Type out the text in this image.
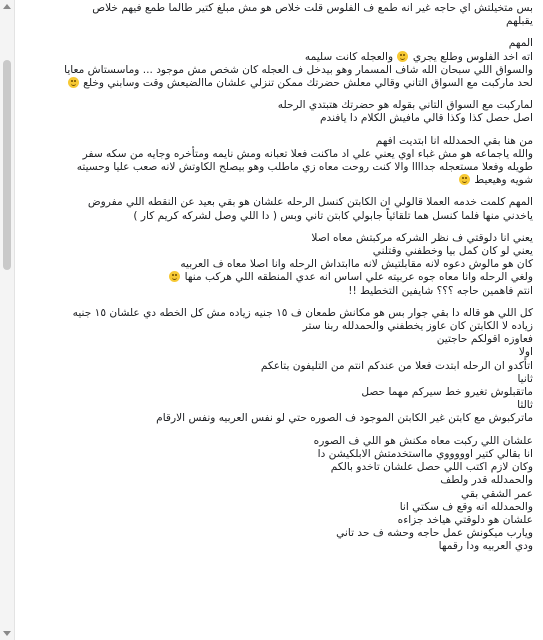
بس متخيلتش اي حاجه غير انه طمع ف الفلوس قلت خلاص هو مش مبلغ كتير طالما طمع فيهم خلاص
يقبلهم
المهم
اته اخد الفلوس وطلع يجري
والعجله كانت سليمه
والسواق اللي سبحان الله شاف المسمار وهو بيدخل ف العجله كان شخص مش موجود ... وماسستاش معايا
لحد ماركبت مع السواق التاني وقالي معلش حضرتك ممكن تنزلي علشان ماالضيعش وقت وسابني وخلع
لماركبت مع السواق التاني بقوله هو حضرتك هتبتدي الرحله
اصل حصل كذا وكذا قالي مافيش الكلام دا يافندم
من هنا بقي الحمدلله انا ابتديت افهم
والله ياجماعه هو مش غباء اوي يعني علي اد ماكنت فعلا تعبانه ومش نايمه ومتأخره وجايه من سكه سفر
طويله وفعلا مستعجله جداااا والا كنت روحت معاه زي ماطلب وهو بيصلح الكاوتش لانه صعب عليا وحسيته
شويه وهيعيط
المهم كلمت خدمه العملا قالولي ان الكابتن كنسل الرحله علشان هو بقي بعيد عن النقطه اللي مفروض
ياخدني منها فلما كنسل هما تلقائياً جابولي كابتن تاني وبس ( دا اللي وصل لشركه كريم كار )
يعني انا دلوقتي ف نظر الشركه مركبتش معاه اصلا
يعني لو كان كمل بيا وخطفني وقتلني
كان هو مالوش دعوه لانه مقابلتيش لانه ماابتداش الرحله وانا اصلا معاه ف العربيه
ولغي الرحله وانا معاه جوه عربيته علي اساس انه عدي المنطقه اللي هركب منها
انتم فاهمين حاجه ؟؟؟ شايفين التخطيط !!
كل اللي هو قاله دا بقي جوار بس هو مكانش طمعان ف ١٥ جنيه زياده مش كل الخطه دي علشان ١٥ جنيه
زياده لا الكابتن كان عاوز يخطفني والحمدلله ربنا ستر
فعاوزه اقولكم حاجتين
اولا
اتأكدو ان الرحله ابتدت فعلا من عندكم انتم من التليفون بتاعكم
ثانيا
ماتقبلوش تغيرو خط سيركم مهما حصل
ثالثا
ماتركبوش مع كابتن غير الكابتن الموجود ف الصوره حتي لو نفس العربيه ونفس الارقام
علشان اللي ركبت معاه مكنش هو اللي ف الصوره
انا بقالي كتير اوووووي مااستخدمتش الابلكيشن دا
وكان لازم اكتب اللي حصل علشان تاخدو بالكم
والحمدلله قدر ولطف
عمر الشقي بقي
والحمدلله انه وقع ف سكتي انا
علشان هو دلوقتي هياخد جزاءه
ويارب ميكونش عمل حاجه وحشه ف حد تاني
ودي العربيه ودا رقمها
